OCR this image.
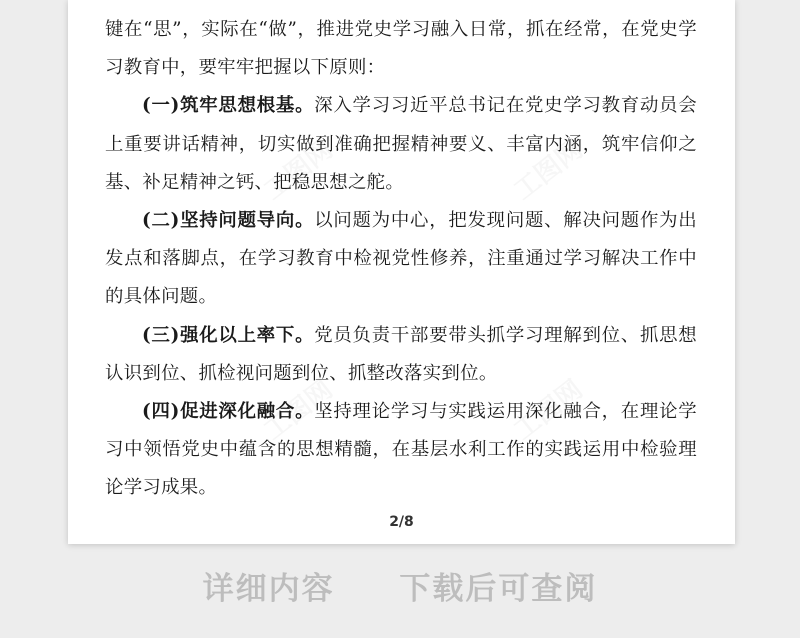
键在“思”，实际在“做”，推进党史学习融入日常，抓在经常，在党史学习教育中，要牢牢把握以下原则：

(一)筑牢思想根基。深入学习习近平总书记在党史学习教育动员会上重要讲话精神，切实做到准确把握精神要义、丰富内涵，筑牢信仰之基、补足精神之钙、把稳思想之舵。

(二)坚持问题导向。以问题为中心，把发现问题、解决问题作为出发点和落脚点，在学习教育中检视党性修养，注重通过学习解决工作中的具体问题。

(三)强化以上率下。党员负责干部要带头抓学习理解到位、抓思想认识到位、抓检视问题到位、抓整改落实到位。

(四)促进深化融合。坚持理论学习与实践运用深化融合，在理论学习中领悟党史中蕴含的思想精髓，在基层水利工作的实践运用中检验理论学习成果。

2/8
详细内容 下载后可查阅
